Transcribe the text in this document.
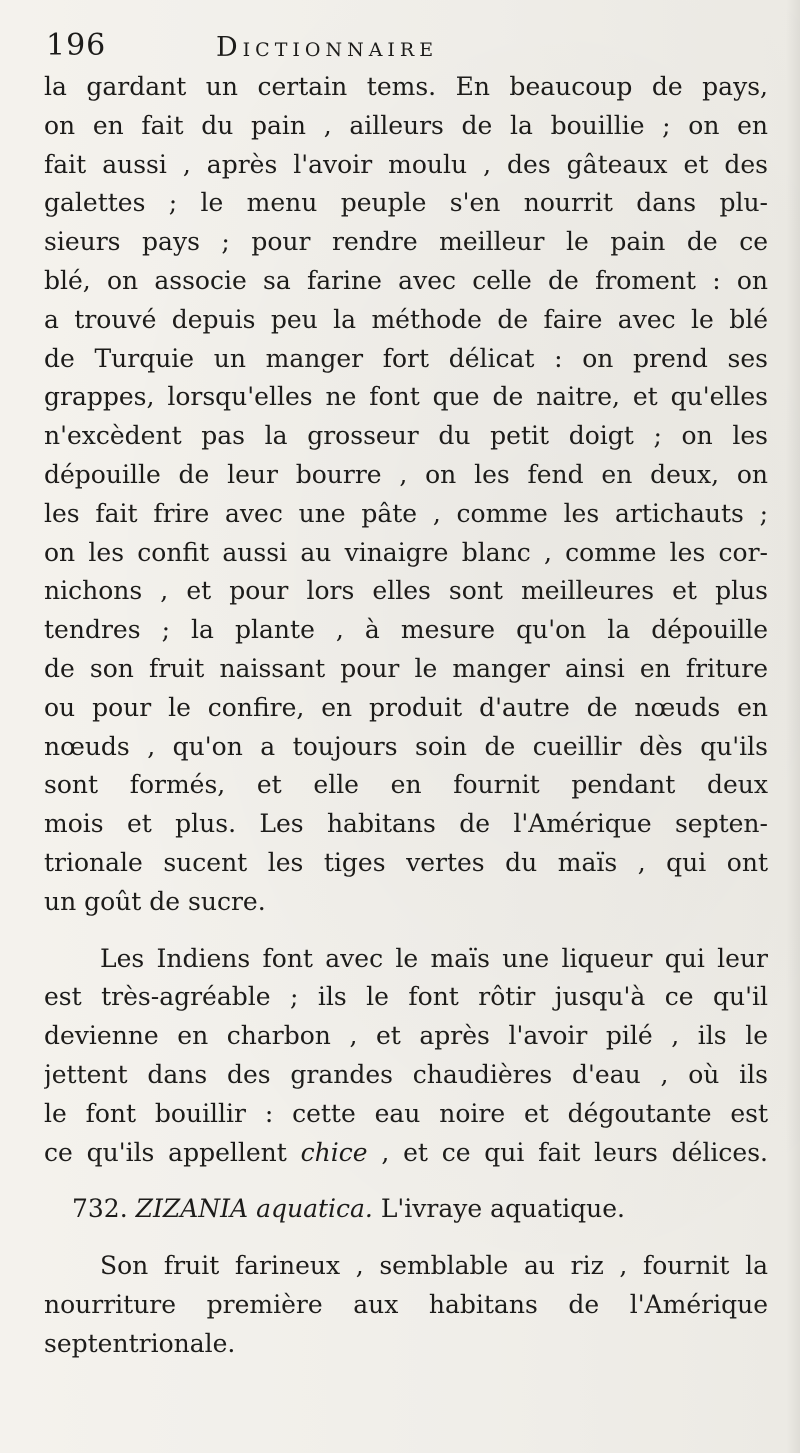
196	Dictionnaire
la gardant un certain tems. En beaucoup de pays,
on en fait du pain , ailleurs de la bouillie ; on en
fait aussi , après l'avoir moulu , des gâteaux et des
galettes ; le menu peuple s'en nourrit dans plu-
sieurs pays ; pour rendre meilleur le pain de ce
blé, on associe sa farine avec celle de froment : on
a trouvé depuis peu la méthode de faire avec le blé
de Turquie un manger fort délicat : on prend ses
grappes, lorsqu'elles ne font que de naitre, et qu'elles
n'excèdent pas la grosseur du petit doigt ; on les
dépouille de leur bourre , on les fend en deux, on
les fait frire avec une pâte , comme les artichauts ;
on les confit aussi au vinaigre blanc , comme les cor-
nichons , et pour lors elles sont meilleures et plus
tendres ; la plante , à mesure qu'on la dépouille
de son fruit naissant pour le manger ainsi en friture
ou pour le confire, en produit d'autre de nœuds en
nœuds , qu'on a toujours soin de cueillir dès qu'ils
sont formés, et elle en fournit pendant deux
mois et plus. Les habitans de l'Amérique septen-
trionale sucent les tiges vertes du maïs , qui ont
un goût de sucre.
Les Indiens font avec le maïs une liqueur qui leur
est très-agréable ; ils le font rôtir jusqu'à ce qu'il
devienne en charbon , et après l'avoir pilé , ils le
jettent dans des grandes chaudières d'eau , où ils
le font bouillir : cette eau noire et dégoutante est
ce qu'ils appellent chice , et ce qui fait leurs délices.
732. ZIZANIA aquatica. L'ivraye aquatique.
Son fruit farineux , semblable au riz , fournit la
nourriture première aux habitans de l'Amérique
septentrionale.
